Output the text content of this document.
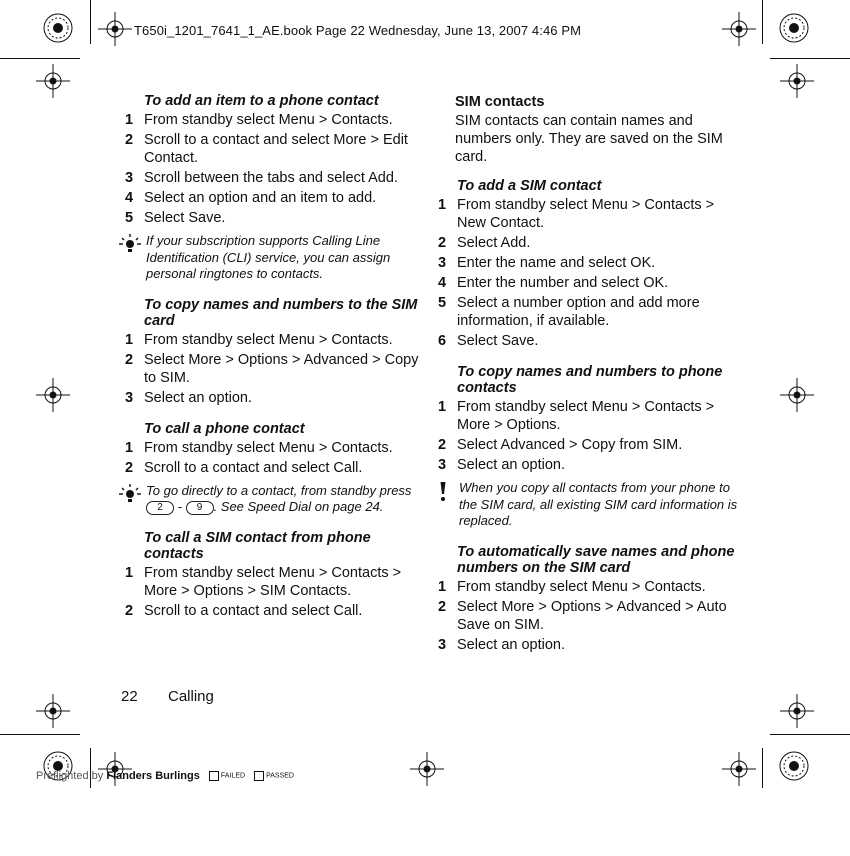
T650i_1201_7641_1_AE.book Page 22 Wednesday, June 13, 2007 4:46 PM
To add an item to a phone contact
1 From standby select Menu > Contacts.
2 Scroll to a contact and select More > Edit Contact.
3 Scroll between the tabs and select Add.
4 Select an option and an item to add.
5 Select Save.
If your subscription supports Calling Line Identification (CLI) service, you can assign personal ringtones to contacts.
To copy names and numbers to the SIM card
1 From standby select Menu > Contacts.
2 Select More > Options > Advanced > Copy to SIM.
3 Select an option.
To call a phone contact
1 From standby select Menu > Contacts.
2 Scroll to a contact and select Call.
To go directly to a contact, from standby press 2 - 9 . See Speed Dial on page 24.
To call a SIM contact from phone contacts
1 From standby select Menu > Contacts > More > Options > SIM Contacts.
2 Scroll to a contact and select Call.
SIM contacts
SIM contacts can contain names and numbers only. They are saved on the SIM card.
To add a SIM contact
1 From standby select Menu > Contacts > New Contact.
2 Select Add.
3 Enter the name and select OK.
4 Enter the number and select OK.
5 Select a number option and add more information, if available.
6 Select Save.
To copy names and numbers to phone contacts
1 From standby select Menu > Contacts > More > Options.
2 Select Advanced > Copy from SIM.
3 Select an option.
When you copy all contacts from your phone to the SIM card, all existing SIM card information is replaced.
To automatically save names and phone numbers on the SIM card
1 From standby select Menu > Contacts.
2 Select More > Options > Advanced > Auto Save on SIM.
3 Select an option.
22 Calling
Preflighted by Flanders Burlings	FAILED	PASSED
